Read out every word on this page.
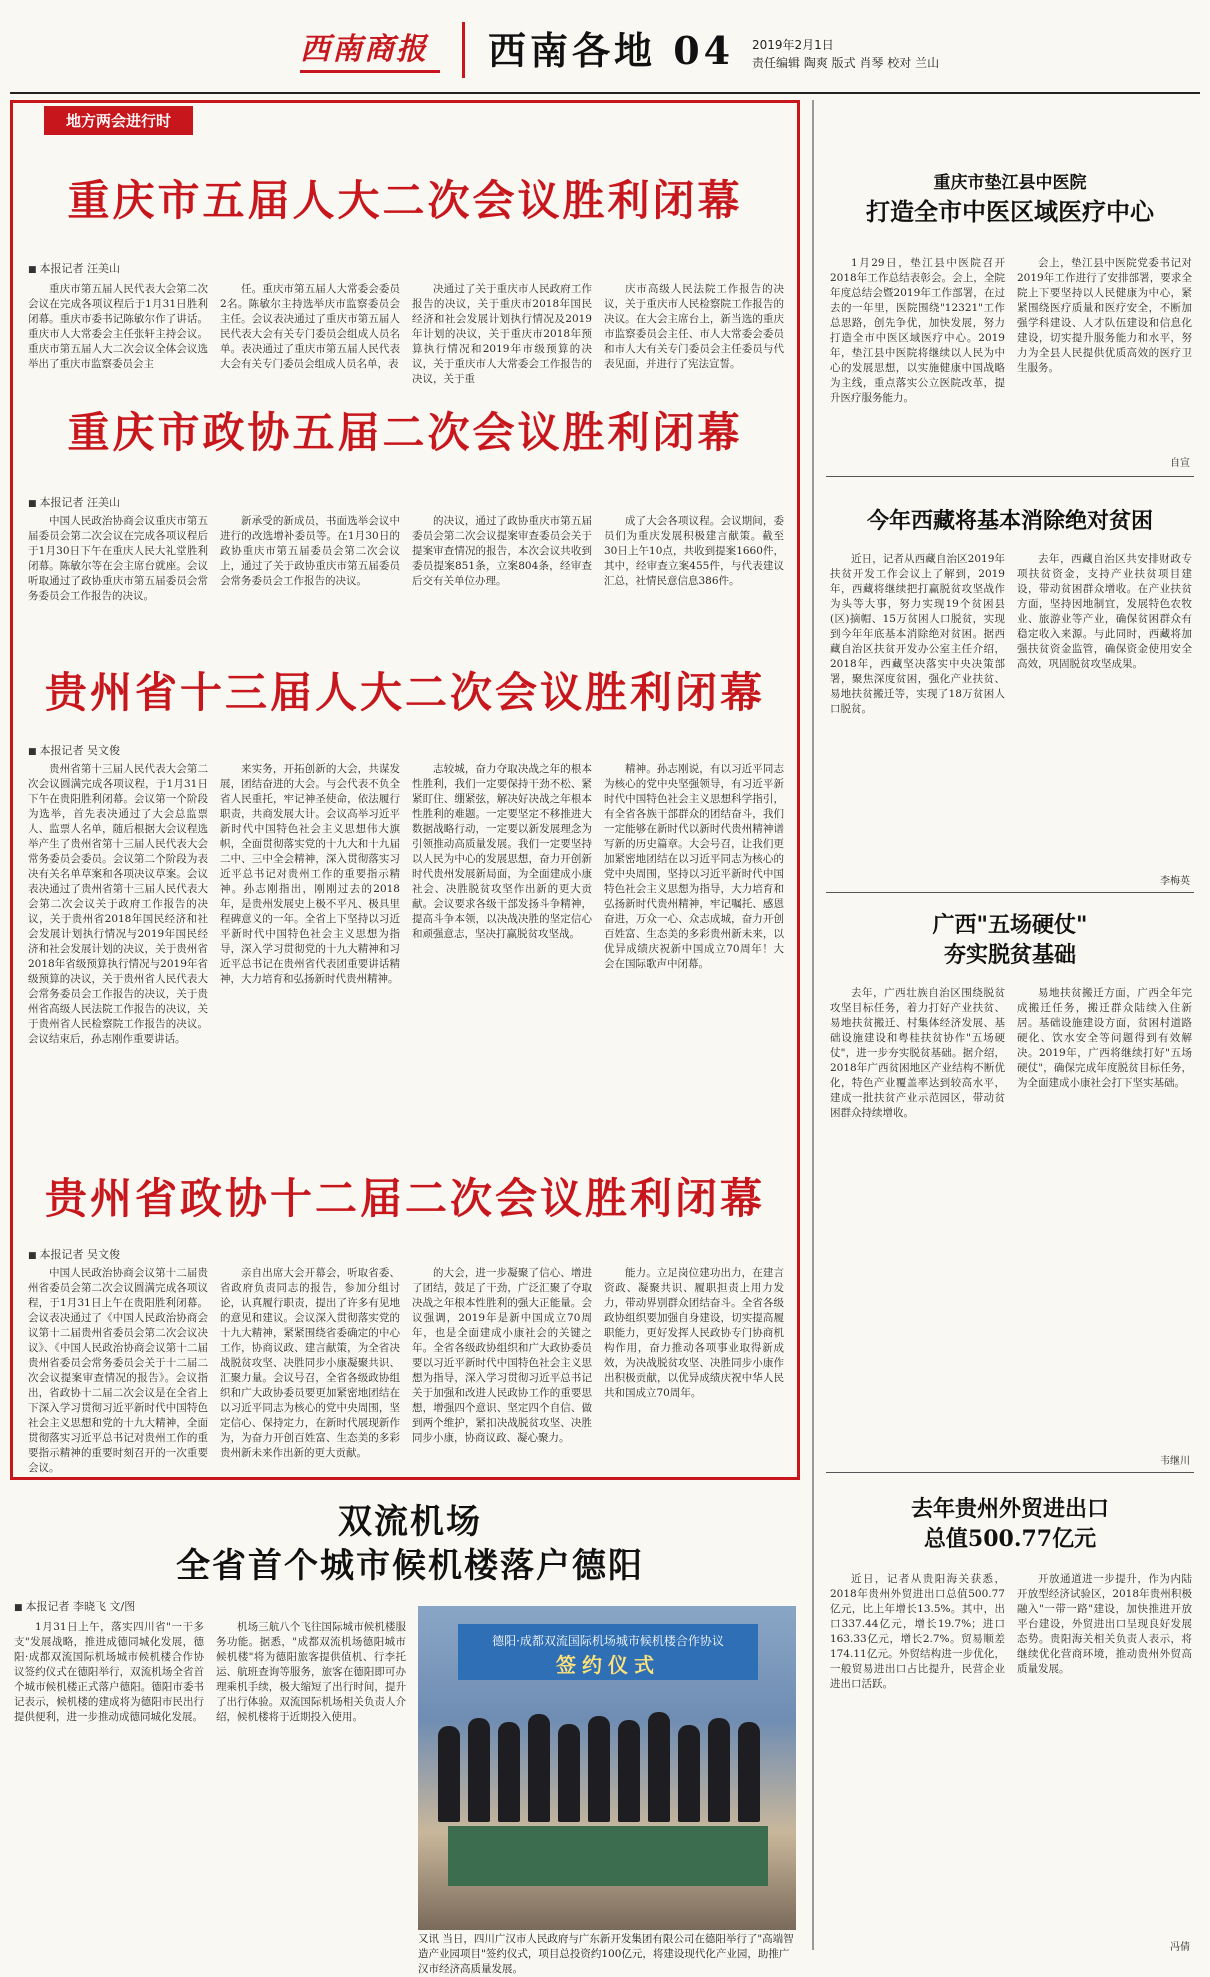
西南商报 西南各地 04 2019年2月1日
责任编辑 陶爽 版式 肖琴 校对 兰山
地方两会进行时
重庆市五届人大二次会议胜利闭幕
■ 本报记者 汪美山

重庆市第五届人民代表大会第二次会议在完成各项议程后于1月31日胜利闭幕。重庆市委书记陈敏尔作了讲话。重庆市人大常委会主任张轩主持会议。重庆市第五届人大二次会议全体会议选举出了重庆市监察委员会主

任。重庆市第五届人大常委会委员2名。陈敏尔主持选举庆市监察委员会主任。会议表决通过了重庆市第五届人民代表大会有关专门委员会组成人员名单。表决通过了重庆市第五届人民代表大会有关专门委员会组成人员名单，表

决通过了关于重庆市人民政府工作报告的决议，关于重庆市2018年国民经济和社会发展计划执行情况及2019年计划的决议，关于重庆市2018年预算执行情况和2019年市级预算的决议，关于重庆市人大常委会工作报告的决议，关于重

庆市高级人民法院工作报告的决议，关于重庆市人民检察院工作报告的决议。在大会主席台上，新当选的重庆市监察委员会主任、市人大常委会委员和市人大有关专门委员会主任委员与代表见面，并进行了宪法宣誓。

重庆市政协五届二次会议胜利闭幕
■ 本报记者 汪美山

中国人民政治协商会议重庆市第五届委员会第二次会议在完成各项议程后于1月30日下午在重庆人民大礼堂胜利闭幕。陈敏尔等在会主席台就座。会议听取通过了政协重庆市第五届委员会常务委员会工作报告的决议。

新承受的新成员，书面选举会议中进行的改选增补委员等。在1月30日的政协重庆市第五届委员会第二次会议上，通过了关于政协重庆市第五届委员会常务委员会工作报告的决议。

的决议，通过了政协重庆市第五届委员会第二次会议提案审查委员会关于提案审查情况的报告，本次会议共收到委员提案851条，立案804条，经审查后交有关单位办理。

成了大会各项议程。会议期间，委员们为重庆发展积极建言献策。截至30日上午10点，共收到提案1660件，其中，经审查立案455件，与代表建议汇总，社情民意信息386件。

贵州省十三届人大二次会议胜利闭幕
■ 本报记者 吴文俊

贵州省第十三届人民代表大会第二次会议圆满完成各项议程，于1月31日下午在贵阳胜利闭幕。会议第一个阶段为选举，首先表决通过了大会总监票人、监票人名单，随后根据大会议程选举产生了贵州省第十三届人民代表大会常务委员会委员。会议第二个阶段为表决有关名单草案和各项决议草案。会议表决通过了贵州省第十三届人民代表大会第二次会议关于政府工作报告的决议，关于贵州省2018年国民经济和社会发展计划执行情况与2019年国民经济和社会发展计划的决议，关于贵州省2018年省级预算执行情况与2019年省级预算的决议，关于贵州省人民代表大会常务委员会工作报告的决议，关于贵州省高级人民法院工作报告的决议，关于贵州省人民检察院工作报告的决议。会议结束后，孙志刚作重要讲话。

来实务，开拓创新的大会，共谋发展，团结奋进的大会。与会代表不负全省人民重托，牢记神圣使命，依法履行职责，共商发展大计。会议高举习近平新时代中国特色社会主义思想伟大旗帜，全面贯彻落实党的十九大和十九届二中、三中全会精神，深入贯彻落实习近平总书记对贵州工作的重要指示精神。孙志刚指出，刚刚过去的2018年，是贵州发展史上极不平凡、极具里程碑意义的一年。全省上下坚持以习近平新时代中国特色社会主义思想为指导，深入学习贯彻党的十九大精神和习近平总书记在贵州省代表团重要讲话精神，大力培育和弘扬新时代贵州精神。

志较城，奋力夺取决战之年的根本性胜利，我们一定要保持干劲不松、紧紧盯住、绷紧弦，解决好决战之年根本性胜利的难题。一定要坚定不移推进大数据战略行动，一定要以新发展理念为引领推动高质量发展。我们一定要坚持以人民为中心的发展思想，奋力开创新时代贵州发展新局面，为全面建成小康社会、决胜脱贫攻坚作出新的更大贡献。会议要求各级干部发扬斗争精神，提高斗争本领，以决战决胜的坚定信心和顽强意志，坚决打赢脱贫攻坚战。

精神。孙志刚说，有以习近平同志为核心的党中央坚强领导，有习近平新时代中国特色社会主义思想科学指引，有全省各族干部群众的团结奋斗，我们一定能够在新时代以新时代贵州精神谱写新的历史篇章。大会号召，让我们更加紧密地团结在以习近平同志为核心的党中央周围，坚持以习近平新时代中国特色社会主义思想为指导，大力培育和弘扬新时代贵州精神，牢记嘱托、感恩奋进，万众一心、众志成城，奋力开创百姓富、生态美的多彩贵州新未来，以优异成绩庆祝新中国成立70周年！大会在国际歌声中闭幕。

贵州省政协十二届二次会议胜利闭幕
■ 本报记者 吴文俊

中国人民政治协商会议第十二届贵州省委员会第二次会议圆满完成各项议程，于1月31日上午在贵阳胜利闭幕。会议表决通过了《中国人民政治协商会议第十二届贵州省委员会第二次会议决议》、《中国人民政治协商会议第十二届贵州省委员会常务委员会关于十二届二次会议提案审查情况的报告》。会议指出，省政协十二届二次会议是在全省上下深入学习贯彻习近平新时代中国特色社会主义思想和党的十九大精神，全面贯彻落实习近平总书记对贵州工作的重要指示精神的重要时刻召开的一次重要会议。

亲自出席大会开幕会，听取省委、省政府负责同志的报告，参加分组讨论，认真履行职责，提出了许多有见地的意见和建议。会议深入贯彻落实党的十九大精神，紧紧围绕省委确定的中心工作，协商议政、建言献策，为全省决战脱贫攻坚、决胜同步小康凝聚共识、汇聚力量。会议号召，全省各级政协组织和广大政协委员要更加紧密地团结在以习近平同志为核心的党中央周围，坚定信心、保持定力，在新时代展现新作为，为奋力开创百姓富、生态美的多彩贵州新未来作出新的更大贡献。

的大会，进一步凝聚了信心、增进了团结，鼓足了干劲，广泛汇聚了夺取决战之年根本性胜利的强大正能量。会议强调，2019年是新中国成立70周年，也是全面建成小康社会的关键之年。全省各级政协组织和广大政协委员要以习近平新时代中国特色社会主义思想为指导，深入学习贯彻习近平总书记关于加强和改进人民政协工作的重要思想，增强四个意识、坚定四个自信、做到两个维护，紧扣决战脱贫攻坚、决胜同步小康，协商议政、凝心聚力。

能力。立足岗位建功出力，在建言资政、凝聚共识、履职担责上用力发力，带动界别群众团结奋斗。全省各级政协组织要加强自身建设，切实提高履职能力，更好发挥人民政协专门协商机构作用，奋力推动各项事业取得新成效，为决战脱贫攻坚、决胜同步小康作出积极贡献，以优异成绩庆祝中华人民共和国成立70周年。

重庆市垫江县中医院
打造全市中医区域医疗中心

1月29日，垫江县中医院召开2018年工作总结表彰会。会上，全院年度总结会暨2019年工作部署，在过去的一年里，医院围绕"12321"工作总思路，创先争优，加快发展，努力打造全市中医区域医疗中心。2019年，垫江县中医院将继续以人民为中心的发展思想，以实施健康中国战略为主线，重点落实公立医院改革，提升医疗服务能力。

会上，垫江县中医院党委书记对2019年工作进行了安排部署，要求全院上下要坚持以人民健康为中心，紧紧围绕医疗质量和医疗安全，不断加强学科建设、人才队伍建设和信息化建设，切实提升服务能力和水平，努力为全县人民提供优质高效的医疗卫生服务。

自宣
今年西藏将基本消除绝对贫困

近日，记者从西藏自治区2019年扶贫开发工作会议上了解到，2019年，西藏将继续把打赢脱贫攻坚战作为头等大事，努力实现19个贫困县(区)摘帽、15万贫困人口脱贫，实现到今年年底基本消除绝对贫困。据西藏自治区扶贫开发办公室主任介绍，2018年，西藏坚决落实中央决策部署，聚焦深度贫困，强化产业扶贫、易地扶贫搬迁等，实现了18万贫困人口脱贫。

去年，西藏自治区共安排财政专项扶贫资金，支持产业扶贫项目建设，带动贫困群众增收。在产业扶贫方面，坚持因地制宜，发展特色农牧业、旅游业等产业，确保贫困群众有稳定收入来源。与此同时，西藏将加强扶贫资金监管，确保资金使用安全高效，巩固脱贫攻坚成果。

李梅英
广西"五场硬仗"
夯实脱贫基础

去年，广西壮族自治区围绕脱贫攻坚目标任务，着力打好产业扶贫、易地扶贫搬迁、村集体经济发展、基础设施建设和粤桂扶贫协作"五场硬仗"，进一步夯实脱贫基础。据介绍，2018年广西贫困地区产业结构不断优化，特色产业覆盖率达到较高水平，建成一批扶贫产业示范园区，带动贫困群众持续增收。

易地扶贫搬迁方面，广西全年完成搬迁任务，搬迁群众陆续入住新居。基础设施建设方面，贫困村道路硬化、饮水安全等问题得到有效解决。2019年，广西将继续打好"五场硬仗"，确保完成年度脱贫目标任务，为全面建成小康社会打下坚实基础。

韦继川
去年贵州外贸进出口
总值500.77亿元

近日，记者从贵阳海关获悉，2018年贵州外贸进出口总值500.77亿元，比上年增长13.5%。其中，出口337.44亿元，增长19.7%；进口163.33亿元，增长2.7%。贸易顺差174.11亿元。外贸结构进一步优化，一般贸易进出口占比提升，民营企业进出口活跃。

开放通道进一步提升，作为内陆开放型经济试验区，2018年贵州积极融入"一带一路"建设，加快推进开放平台建设，外贸进出口呈现良好发展态势。贵阳海关相关负责人表示，将继续优化营商环境，推动贵州外贸高质量发展。

冯倩
■ 本报记者 李晓飞 文/图

1月31日上午，落实四川省"一干多支"发展战略，推进成德同城化发展，德阳·成都双流国际机场城市候机楼合作协议签约仪式在德阳举行，双流机场全省首个城市候机楼正式落户德阳。德阳市委书记表示，候机楼的建成将为德阳市民出行提供便利，进一步推动成德同城化发展。

机场三航八个飞往国际城市候机楼服务功能。据悉，"成都双流机场德阳城市候机楼"将为德阳旅客提供值机、行李托运、航班查询等服务，旅客在德阳即可办理乘机手续，极大缩短了出行时间，提升了出行体验。双流国际机场相关负责人介绍，候机楼将于近期投入使用。

德阳·成都双流国际机场城市候机楼合作协议
签约仪式
又讯 当日，四川广汉市人民政府与广东新开发集团有限公司在德阳举行了"高端智造产业园项目"签约仪式，项目总投资约100亿元，将建设现代化产业园，助推广汉市经济高质量发展。
双流机场
全省首个城市候机楼落户德阳
